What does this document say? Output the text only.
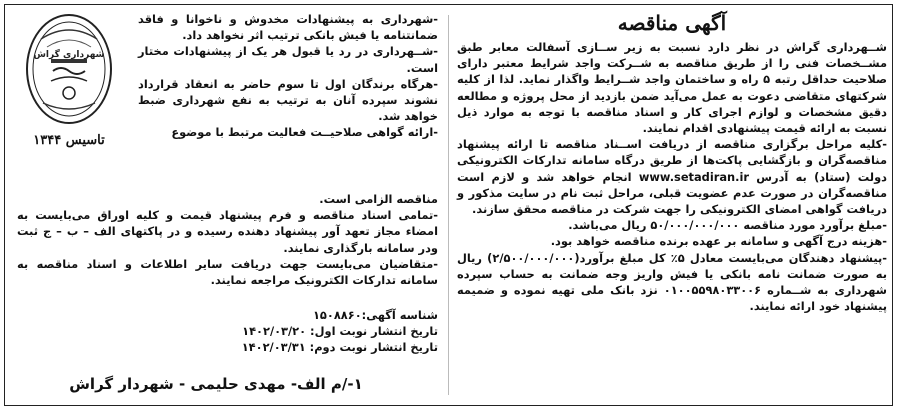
آگهی مناقصه

شــهرداری گراش در نظر دارد نسبت به زیر ســازی آسفالت معابر طبق مشــخصات فنی را از طریق مناقصه به شــرکت واجد شرایط معتبر دارای صلاحیت حداقل رتبه ۵ راه و ساختمان واجد شــرایط واگذار نماید. لذا از کلیه شرکتهای متقاضی دعوت به عمل می‌آید ضمن بازدید از محل پروژه و مطالعه دقیق مشخصات و لوازم اجرای کار و اسناد مناقصه با توجه به موارد ذیل نسبت به ارائه قیمت پیشنهادی اقدام نمایند.

-کلیه مراحل برگزاری مناقصه از دریافت اســناد مناقصه تا ارائه پیشنهاد مناقصه‌گران و بازگشایی پاکت‌ها از طریق درگاه سامانه تدارکات الکترونیکی دولت (ستاد) به آدرس www.setadiran.ir انجام خواهد شد و لازم است مناقصه‌گران در صورت عدم عضویت قبلی، مراحل ثبت نام در سایت مذکور و دریافت گواهی امضای الکترونیکی را جهت شرکت در مناقصه محقق سازند.

-مبلغ برآورد مورد مناقصه ۵۰/۰۰۰/۰۰۰/۰۰۰ ریال می‌باشد.

-هزینه درج آگهی و سامانه بر عهده برنده مناقصه خواهد بود.

-پیشنهاد دهندگان می‌بایست معادل ۵٪ کل مبلغ برآورد(۲/۵۰۰/۰۰۰/۰۰۰) ریال به صورت ضمانت نامه بانکی یا فیش واریز وجه ضمانت به حساب سپرده شهرداری به شــماره ۰۱۰۰۵۵۹۸۰۳۳۰۰۶ نزد بانک ملی تهیه نموده و ضمیمه پیشنهاد خود ارائه نمایند.

-شهرداری به پیشنهادات مخدوش و ناخوانا و فاقد ضمانتنامه یا فیش بانکی ترتیب اثر نخواهد داد.

-شــهرداری در رد یا قبول هر یک از پیشنهادات مختار است.

-هرگاه برندگان اول تا سوم حاضر به انعقاد قرارداد نشوند سپرده آنان به ترتیب به نفع شهرداری ضبط خواهد شد.

-ارائه گواهی صلاحیــت فعالیت مرتبط با موضوع

مناقصه الزامی است.

-تمامی اسناد مناقصه و فرم پیشنهاد قیمت و کلیه اوراق می‌بایست به امضاء مجاز تعهد آور پیشنهاد دهنده رسیده و در پاکتهای الف – ب – ج ثبت ودر سامانه بارگذاری نمایند.

-متقاضیان می‌بایست جهت دریافت سایر اطلاعات و اسناد مناقصه به سامانه تدارکات الکترونیک مراجعه نمایند.

شناسه آگهی:۱۵۰۸۸۶۰
تاریخ انتشار نوبت اول: ۱۴۰۲/۰۳/۲۰
تاریخ انتشار نوبت دوم: ۱۴۰۲/۰۳/۳۱
۱-/م الف- مهدی حلیمی - شهردار گراش
شهرداری گراش
تاسیس ۱۳۴۴
